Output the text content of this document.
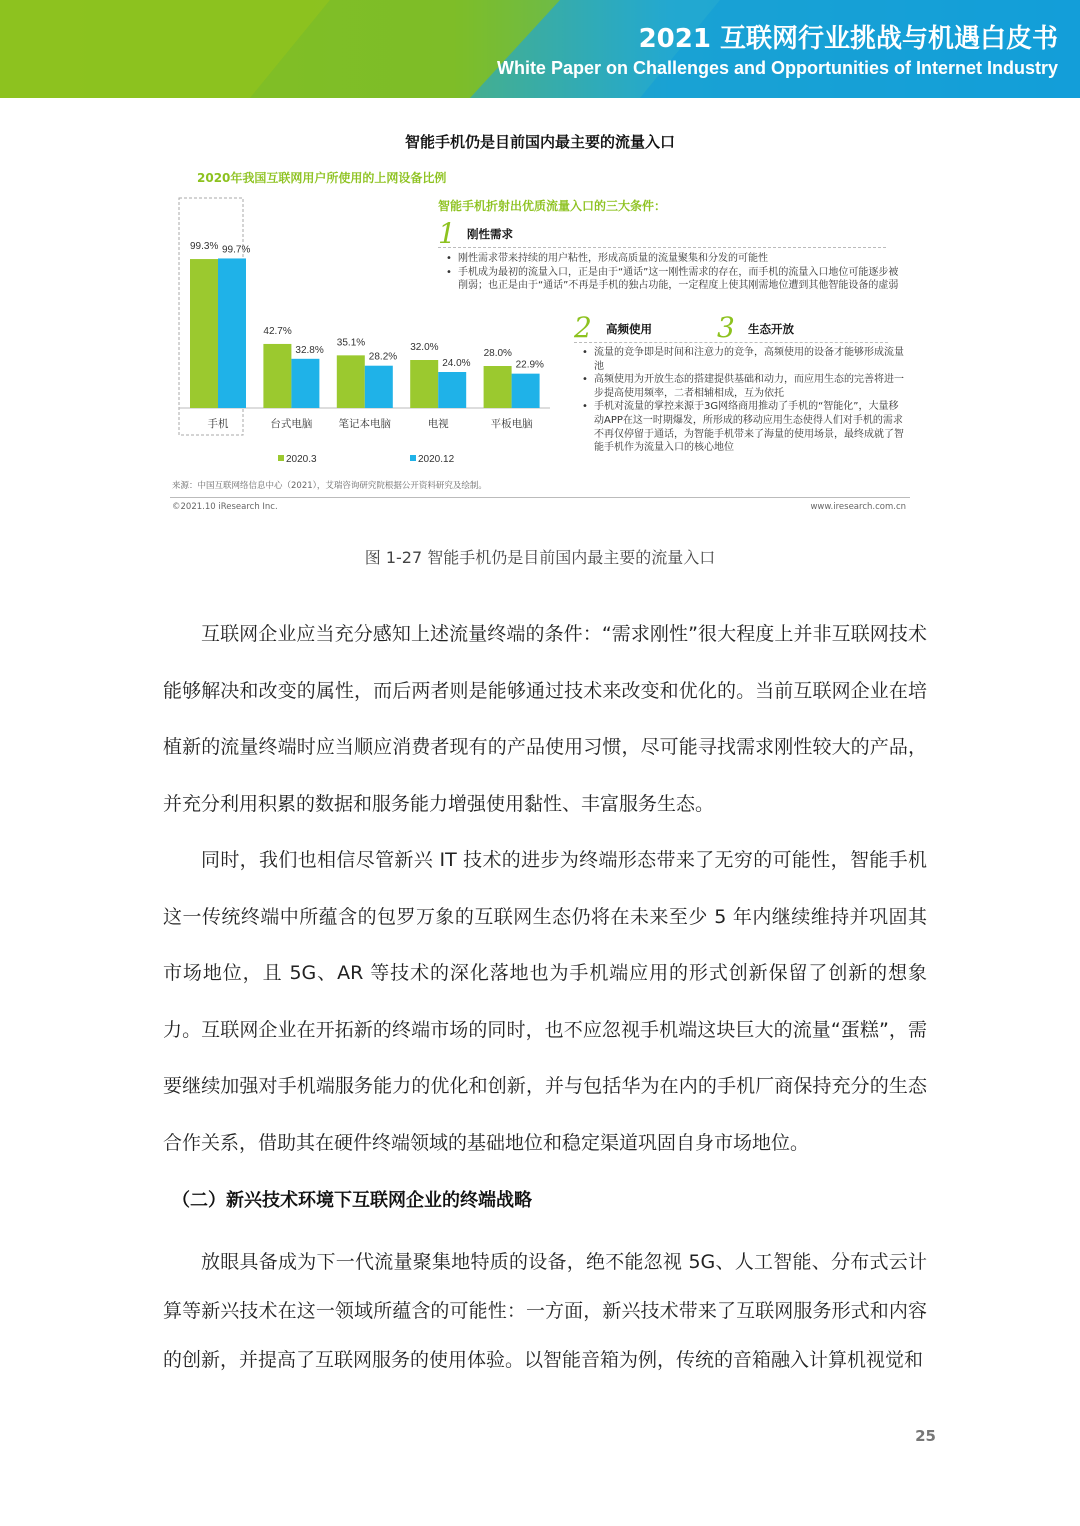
2021 互联网行业挑战与机遇白皮书
White Paper on Challenges and Opportunities of Internet Industry
智能手机仍是目前国内最主要的流量入口
2020年我国互联网用户所使用的上网设备比例
99.3% 99.7%
手机
42.7%
32.8%
台式电脑
35.1%
28.2%
笔记本电脑
32.0%
24.0%
电视
28.0%
22.9%
平板电脑
2020.3	2020.12
智能手机折射出优质流量入口的三大条件：
1 刚性需求
• 刚性需求带来持续的用户粘性，形成高质量的流量聚集和分发的可能性
• 手机成为最初的流量入口，正是由于“通话”这一刚性需求的存在，而手机的流量入口地位可能逐步被削弱；也正是由于“通话”不再是手机的独占功能，一定程度上使其刚需地位遭到其他智能设备的虚弱
2 高频使用 3 生态开放
• 流量的竞争即是时间和注意力的竞争，高频使用的设备才能够形成流量池
• 高频使用为开放生态的搭建提供基础和动力，而应用生态的完善将进一步提高使用频率，二者相辅相成，互为依托
• 手机对流量的掌控来源于3G网络商用推动了手机的“智能化”，大量移动APP在这一时期爆发，所形成的移动应用生态使得人们对手机的需求不再仅停留于通话，为智能手机带来了海量的使用场景，最终成就了智能手机作为流量入口的核心地位
来源：中国互联网络信息中心（2021），艾瑞咨询研究院根据公开资料研究及绘制。
©2021.10 iResearch Inc.	www.iresearch.com.cn
图 1-27 智能手机仍是目前国内最主要的流量入口

互联网企业应当充分感知上述流量终端的条件：“需求刚性”很大程度上并非互联网技术能够解决和改变的属性，而后两者则是能够通过技术来改变和优化的。当前互联网企业在培植新的流量终端时应当顺应消费者现有的产品使用习惯，尽可能寻找需求刚性较大的产品，并充分利用积累的数据和服务能力增强使用黏性、丰富服务生态。

同时，我们也相信尽管新兴 IT 技术的进步为终端形态带来了无穷的可能性，智能手机这一传统终端中所蕴含的包罗万象的互联网生态仍将在未来至少 5 年内继续维持并巩固其市场地位，且 5G、AR 等技术的深化落地也为手机端应用的形式创新保留了创新的想象力。互联网企业在开拓新的终端市场的同时，也不应忽视手机端这块巨大的流量“蛋糕”，需要继续加强对手机端服务能力的优化和创新，并与包括华为在内的手机厂商保持充分的生态合作关系，借助其在硬件终端领域的基础地位和稳定渠道巩固自身市场地位。

（二）新兴技术环境下互联网企业的终端战略

放眼具备成为下一代流量聚集地特质的设备，绝不能忽视 5G、人工智能、分布式云计算等新兴技术在这一领域所蕴含的可能性：一方面，新兴技术带来了互联网服务形式和内容的创新，并提高了互联网服务的使用体验。以智能音箱为例，传统的音箱融入计算机视觉和

25
